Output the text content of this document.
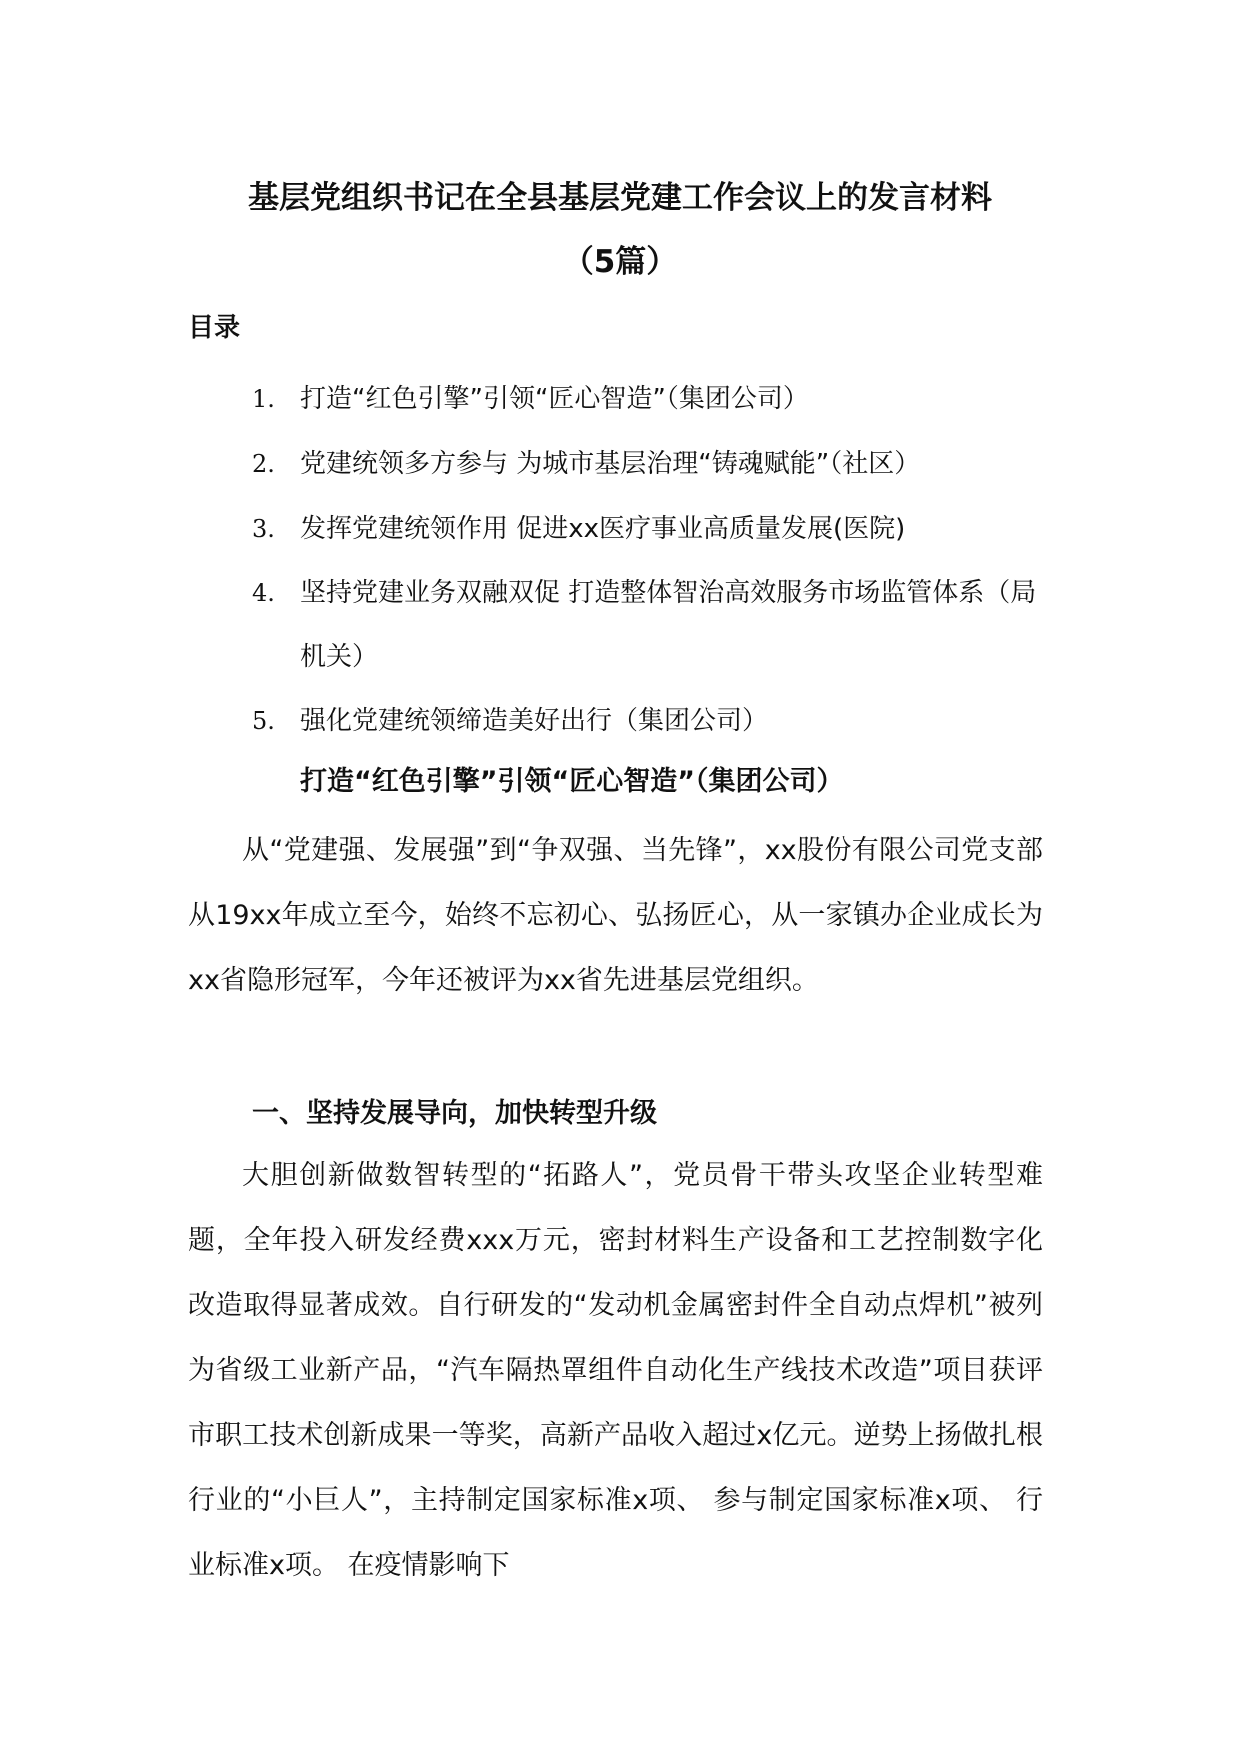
基层党组织书记在全县基层党建工作会议上的发言材料
（5篇）
目录
1. 打造“红色引擎”引领“匠心智造”（集团公司）
2. 党建统领多方参与 为城市基层治理“铸魂赋能”（社区）
3. 发挥党建统领作用 促进xx医疗事业高质量发展(医院)
4. 坚持党建业务双融双促 打造整体智治高效服务市场监管体系（局机关）
5. 强化党建统领缔造美好出行（集团公司）
打造“红色引擎”引领“匠心智造”（集团公司）

从“党建强、发展强”到“争双强、当先锋”，xx股份有限公司党支部从19xx年成立至今，始终不忘初心、弘扬匠心，从一家镇办企业成长为xx省隐形冠军，今年还被评为xx省先进基层党组织。

一、坚持发展导向，加快转型升级

大胆创新做数智转型的“拓路人”，党员骨干带头攻坚企业转型难题，全年投入研发经费xxx万元，密封材料生产设备和工艺控制数字化改造取得显著成效。自行研发的“发动机金属密封件全自动点焊机”被列为省级工业新产品，“汽车隔热罩组件自动化生产线技术改造”项目获评市职工技术创新成果一等奖，高新产品收入超过x亿元。逆势上扬做扎根行业的“小巨人”，主持制定国家标准x项、 参与制定国家标准x项、 行业标准x项。 在疫情影响下
